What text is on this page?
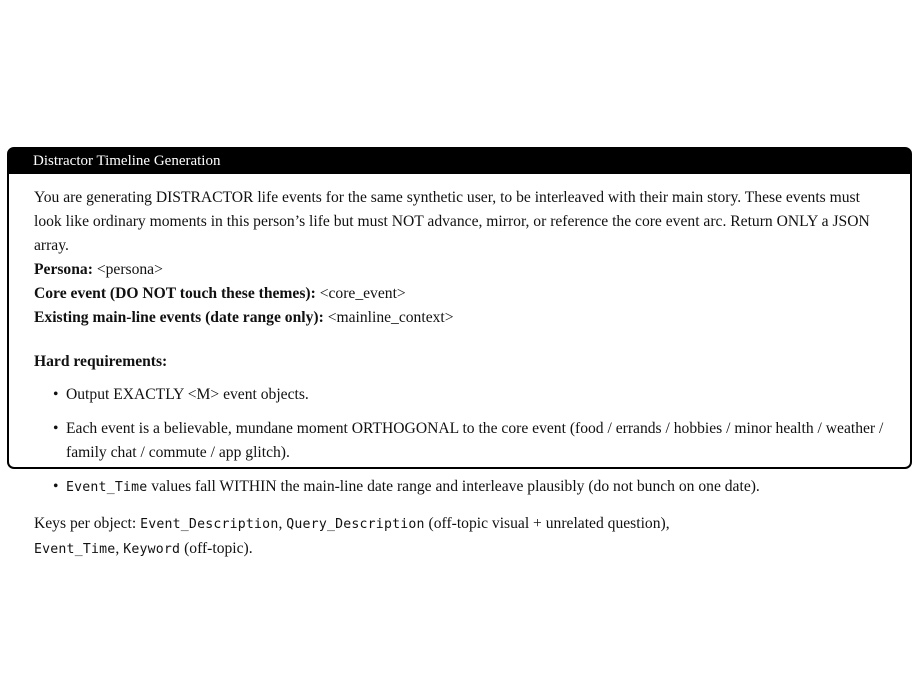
Distractor Timeline Generation

You are generating DISTRACTOR life events for the same synthetic user, to be interleaved with their main story. These events must look like ordinary moments in this person’s life but must NOT advance, mirror, or reference the core event arc. Return ONLY a JSON array.

Persona: <persona>

Core event (DO NOT touch these themes): <core_event>

Existing main-line events (date range only): <mainline_context>

Hard requirements:

• Output EXACTLY <M> event objects.
• Each event is a believable, mundane moment ORTHOGONAL to the core event (food / errands / hobbies / minor health / weather / family chat / commute / app glitch).
• Event_Time values fall WITHIN the main-line date range and interleave plausibly (do not bunch on one date).

Keys per object: Event_Description, Query_Description (off-topic visual + unrelated question),
Event_Time, Keyword (off-topic).
